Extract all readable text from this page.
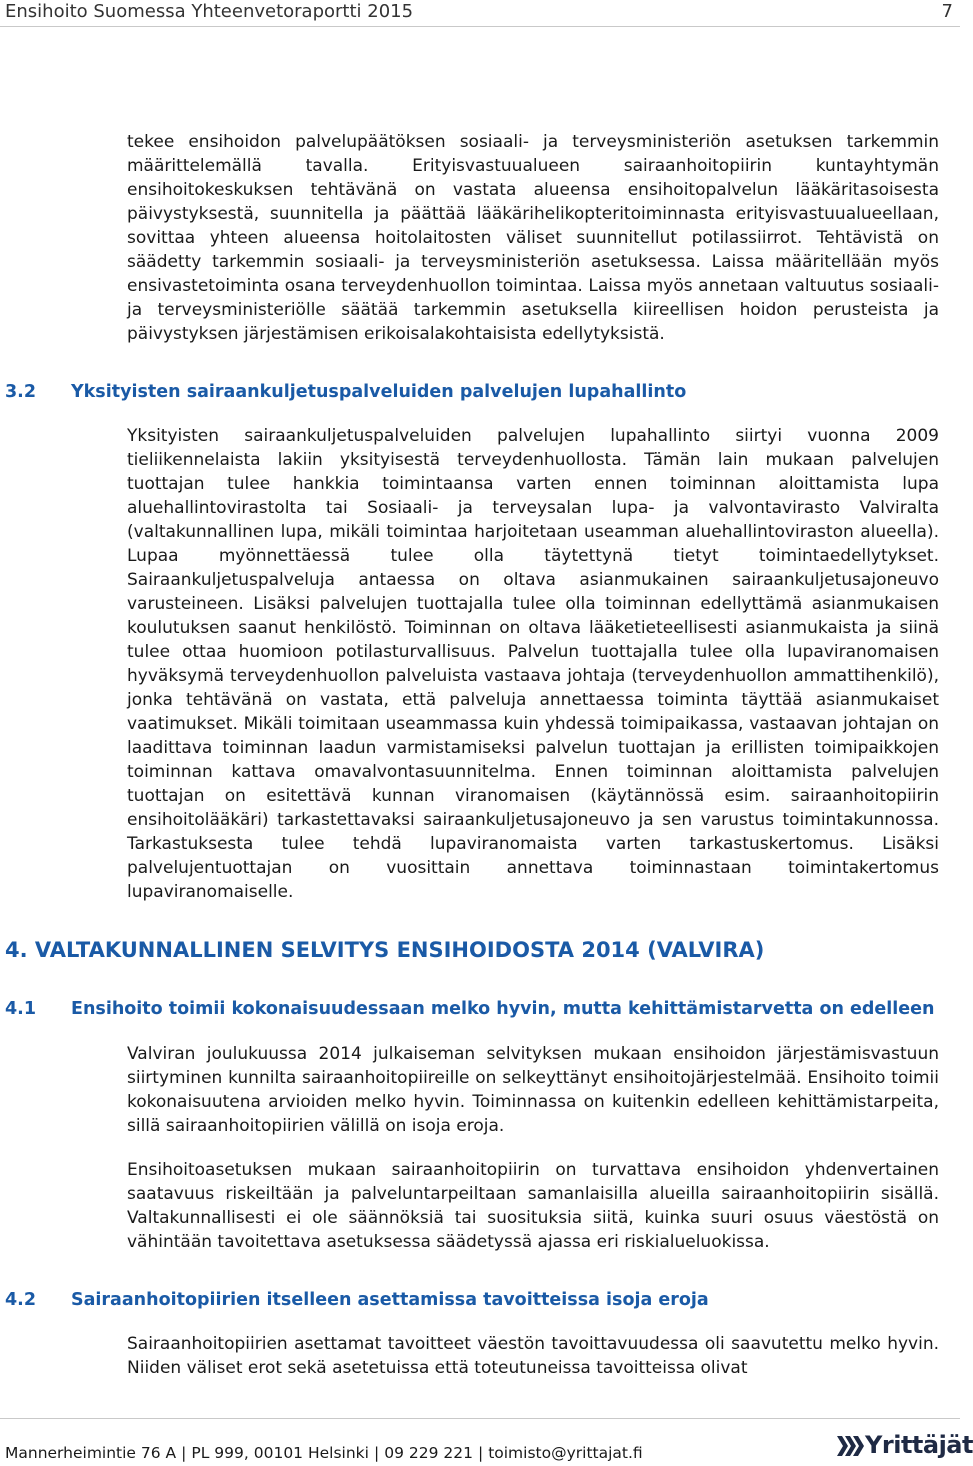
Ensihoito Suomessa Yhteenvetoraportti 2015	7

tekee ensihoidon palvelupäätöksen sosiaali- ja terveysministeriön asetuksen tarkemmin määrittelemällä tavalla. Erityisvastuualueen sairaanhoitopiirin kuntayhtymän ensihoitokeskuksen tehtävänä on vastata alueensa ensihoitopalvelun lääkäritasoisesta päivystyksestä, suunnitella ja päättää lääkärihelikopteritoiminnasta erityisvastuualueellaan, sovittaa yhteen alueensa hoitolaitosten väliset suunnitellut potilassiirrot. Tehtävistä on säädetty tarkemmin sosiaali- ja terveysministeriön asetuksessa. Laissa määritellään myös ensivastetoiminta osana terveydenhuollon toimintaa. Laissa myös annetaan valtuutus sosiaali- ja terveysministeriölle säätää tarkemmin asetuksella kiireellisen hoidon perusteista ja päivystyksen järjestämisen erikoisalakohtaisista edellytyksistä.

3.2 Yksityisten sairaankuljetuspalveluiden palvelujen lupahallinto

Yksityisten sairaankuljetuspalveluiden palvelujen lupahallinto siirtyi vuonna 2009 tieliikennelaista lakiin yksityisestä terveydenhuollosta. Tämän lain mukaan palvelujen tuottajan tulee hankkia toimintaansa varten ennen toiminnan aloittamista lupa aluehallintovirastolta tai Sosiaali- ja terveysalan lupa- ja valvontavirasto Valviralta (valtakunnallinen lupa, mikäli toimintaa harjoitetaan useamman aluehallintoviraston alueella). Lupaa myönnettäessä tulee olla täytettynä tietyt toimintaedellytykset. Sairaankuljetuspalveluja antaessa on oltava asianmukainen sairaankuljetusajoneuvo varusteineen. Lisäksi palvelujen tuottajalla tulee olla toiminnan edellyttämä asianmukaisen koulutuksen saanut henkilöstö. Toiminnan on oltava lääketieteellisesti asianmukaista ja siinä tulee ottaa huomioon potilasturvallisuus. Palvelun tuottajalla tulee olla lupaviranomaisen hyväksymä terveydenhuollon palveluista vastaava johtaja (terveydenhuollon ammattihenkilö), jonka tehtävänä on vastata, että palveluja annettaessa toiminta täyttää asianmukaiset vaatimukset. Mikäli toimitaan useammassa kuin yhdessä toimipaikassa, vastaavan johtajan on laadittava toiminnan laadun varmistamiseksi palvelun tuottajan ja erillisten toimipaikkojen toiminnan kattava omavalvontasuunnitelma. Ennen toiminnan aloittamista palvelujen tuottajan on esitettävä kunnan viranomaisen (käytännössä esim. sairaanhoitopiirin ensihoitolääkäri) tarkastettavaksi sairaankuljetusajoneuvo ja sen varustus toimintakunnossa. Tarkastuksesta tulee tehdä lupaviranomaista varten tarkastuskertomus. Lisäksi palvelujentuottajan on vuosittain annettava toiminnastaan toimintakertomus lupaviranomaiselle.

4. VALTAKUNNALLINEN SELVITYS ENSIHOIDOSTA 2014 (VALVIRA)
4.1 Ensihoito toimii kokonaisuudessaan melko hyvin, mutta kehittämistarvetta on edelleen

Valviran joulukuussa 2014 julkaiseman selvityksen mukaan ensihoidon järjestämisvastuun siirtyminen kunnilta sairaanhoitopiireille on selkeyttänyt ensihoitojärjestelmää. Ensihoito toimii kokonaisuutena arvioiden melko hyvin. Toiminnassa on kuitenkin edelleen kehittämistarpeita, sillä sairaanhoitopiirien välillä on isoja eroja.

Ensihoitoasetuksen mukaan sairaanhoitopiirin on turvattava ensihoidon yhdenvertainen saatavuus riskeiltään ja palveluntarpeiltaan samanlaisilla alueilla sairaanhoitopiirin sisällä. Valtakunnallisesti ei ole säännöksiä tai suosituksia siitä, kuinka suuri osuus väestöstä on vähintään tavoitettava asetuksessa säädetyssä ajassa eri riskialueluokissa.

4.2 Sairaanhoitopiirien itselleen asettamissa tavoitteissa isoja eroja

Sairaanhoitopiirien asettamat tavoitteet väestön tavoittavuudessa oli saavutettu melko hyvin. Niiden väliset erot sekä asetetuissa että toteutuneissa tavoitteissa olivat

Mannerheimintie 76 A | PL 999, 00101 Helsinki | 09 229 221 | toimisto@yrittajat.fi	Yrittäjät
